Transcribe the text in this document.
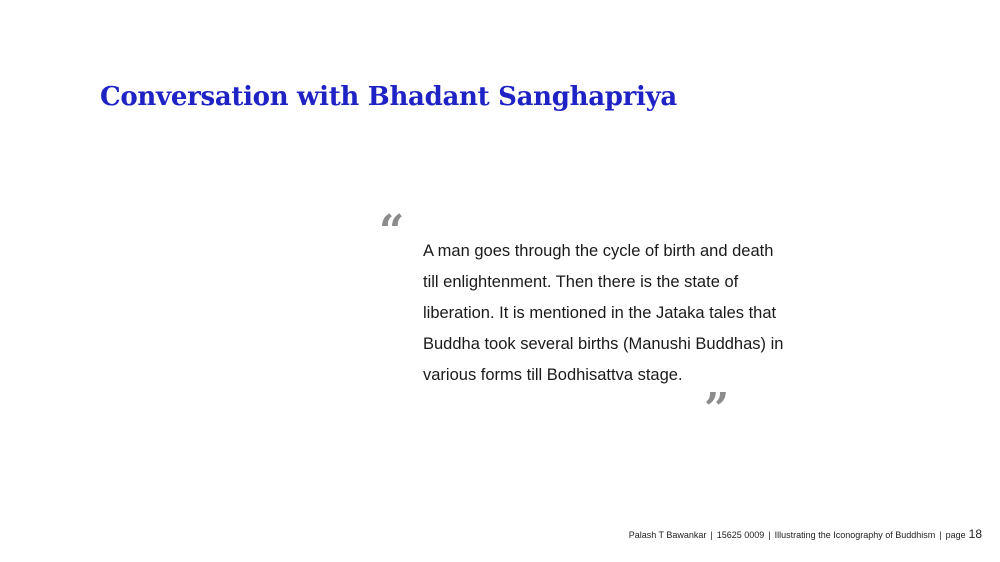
Conversation with Bhadant Sanghapriya
“ A man goes through the cycle of birth and death
till enlightenment. Then there is the state of
liberation. It is mentioned in the Jataka tales that
Buddha took several births (Manushi Buddhas) in
various forms till Bodhisattva stage.

”
Palash T Bawankar | 15625 0009 | Illustrating the Iconography of Buddhism | page 18
